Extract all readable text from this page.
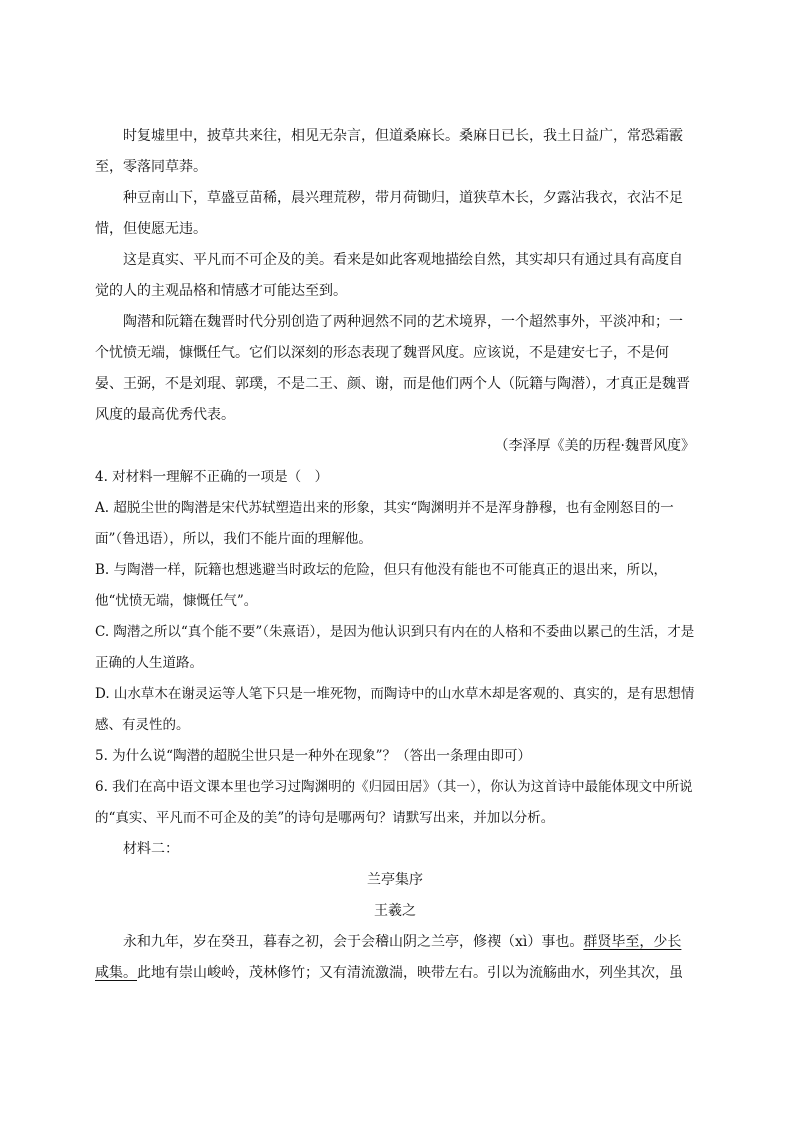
时复墟里中，披草共来往，相见无杂言，但道桑麻长。桑麻日已长，我土日益广，常恐霜霰至，零落同草莽。

种豆南山下，草盛豆苗稀，晨兴理荒秽，带月荷锄归，道狭草木长，夕露沾我衣，衣沾不足惜，但使愿无违。

这是真实、平凡而不可企及的美。看来是如此客观地描绘自然，其实却只有通过具有高度自觉的人的主观品格和情感才可能达至到。

陶潜和阮籍在魏晋时代分别创造了两种迥然不同的艺术境界，一个超然事外，平淡冲和；一个忧愤无端，慷慨任气。它们以深刻的形态表现了魏晋风度。应该说，不是建安七子，不是何晏、王弼，不是刘琨、郭璞，不是二王、颜、谢，而是他们两个人（阮籍与陶潜），才真正是魏晋风度的最高优秀代表。

（李泽厚《美的历程·魏晋风度》

4. 对材料一理解不正确的一项是（　）

A. 超脱尘世的陶潜是宋代苏轼塑造出来的形象，其实“陶渊明并不是浑身静穆，也有金刚怒目的一面”（鲁迅语），所以，我们不能片面的理解他。

B. 与陶潜一样，阮籍也想逃避当时政坛的危险，但只有他没有能也不可能真正的退出来，所以，他“忧愤无端，慷慨任气”。

C. 陶潜之所以“真个能不要”（朱熹语），是因为他认识到只有内在的人格和不委曲以累己的生活，才是正确的人生道路。

D. 山水草木在谢灵运等人笔下只是一堆死物，而陶诗中的山水草木却是客观的、真实的，是有思想情感、有灵性的。

5. 为什么说“陶潜的超脱尘世只是一种外在现象”？（答出一条理由即可）

6. 我们在高中语文课本里也学习过陶渊明的《归园田居》（其一），你认为这首诗中最能体现文中所说的“真实、平凡而不可企及的美”的诗句是哪两句？请默写出来，并加以分析。

材料二：

兰亭集序

王羲之

永和九年，岁在癸丑，暮春之初，会于会稽山阴之兰亭，修禊（xì）事也。群贤毕至，少长咸集。此地有崇山峻岭，茂林修竹；又有清流激湍，映带左右。引以为流觞曲水，列坐其次，虽
